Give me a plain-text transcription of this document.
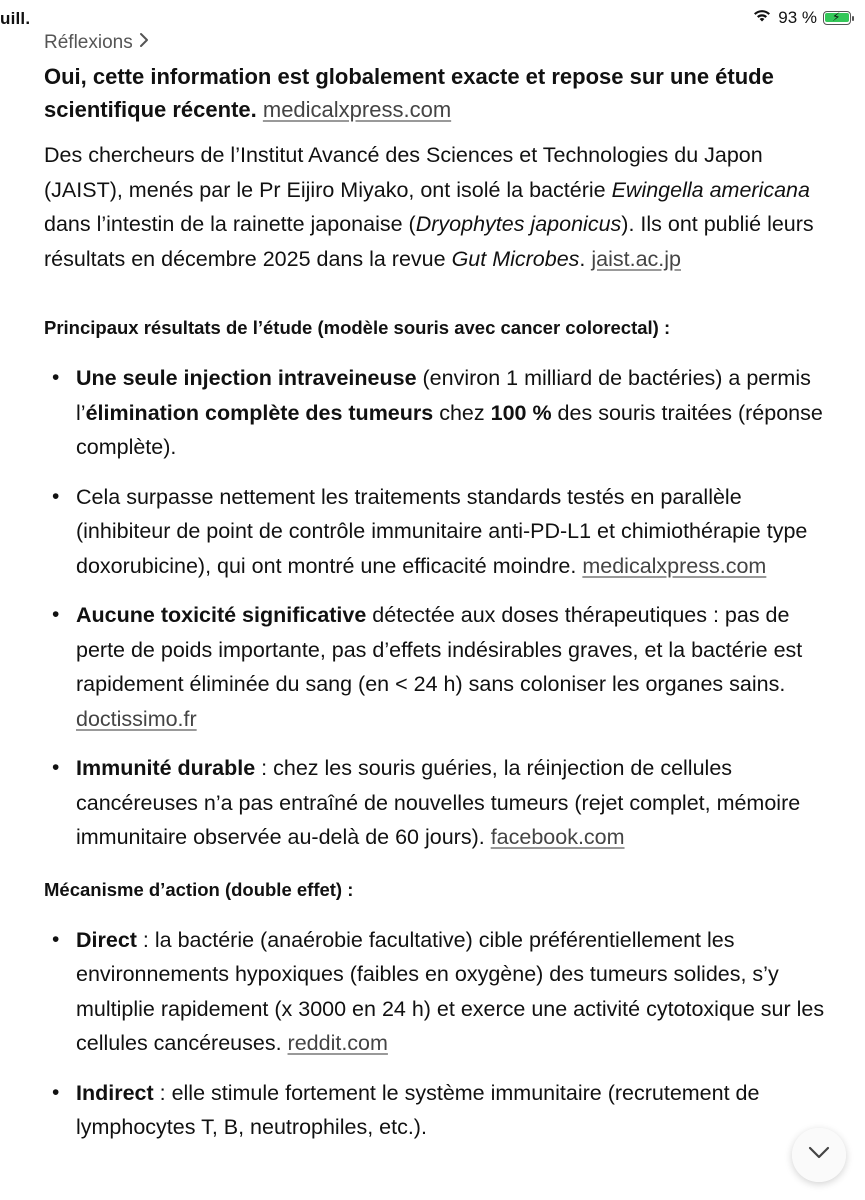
uill.	93 % ⚡
Réflexions

Oui, cette information est globalement exacte et repose sur une étude scientifique récente. medicalxpress.com

Des chercheurs de l’Institut Avancé des Sciences et Technologies du Japon (JAIST), menés par le Pr Eijiro Miyako, ont isolé la bactérie Ewingella americana dans l’intestin de la rainette japonaise (Dryophytes japonicus). Ils ont publié leurs résultats en décembre 2025 dans la revue Gut Microbes. jaist.ac.jp

Principaux résultats de l’étude (modèle souris avec cancer colorectal) :
• Une seule injection intraveineuse (environ 1 milliard de bactéries) a permis l’élimination complète des tumeurs chez 100 % des souris traitées (réponse complète).
• Cela surpasse nettement les traitements standards testés en parallèle (inhibiteur de point de contrôle immunitaire anti-PD-L1 et chimiothérapie type doxorubicine), qui ont montré une efficacité moindre. medicalxpress.com
• Aucune toxicité significative détectée aux doses thérapeutiques : pas de perte de poids importante, pas d’effets indésirables graves, et la bactérie est rapidement éliminée du sang (en < 24 h) sans coloniser les organes sains. doctissimo.fr
• Immunité durable : chez les souris guéries, la réinjection de cellules cancéreuses n’a pas entraîné de nouvelles tumeurs (rejet complet, mémoire immunitaire observée au-delà de 60 jours). facebook.com
Mécanisme d’action (double effet) :
• Direct : la bactérie (anaérobie facultative) cible préférentiellement les environnements hypoxiques (faibles en oxygène) des tumeurs solides, s’y multiplie rapidement (x 3000 en 24 h) et exerce une activité cytotoxique sur les cellules cancéreuses. reddit.com
• Indirect : elle stimule fortement le système immunitaire (recrutement de lymphocytes T, B, neutrophiles, etc.).
